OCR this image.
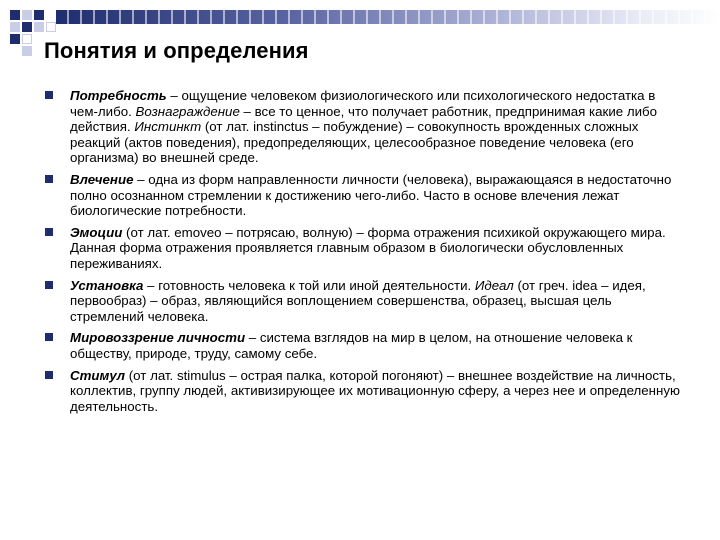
Понятия и определения
Потребность – ощущение человеком физиологического или психологического недостатка в чем-либо. Вознаграждение – все то ценное, что получает работник, предпринимая какие либо действия. Инстинкт (от лат. instinctus – побуждение) – совокупность врожденных сложных реакций (актов поведения), предопределяющих, целесообразное поведение человека (его организма) во внешней среде.
Влечение – одна из форм направленности личности (человека), выражающаяся в недостаточно полно осознанном стремлении к достижению чего-либо. Часто в основе влечения лежат биологические потребности.
Эмоции (от лат. emoveo – потрясаю, волную) – форма отражения психикой окружающего мира. Данная форма отражения проявляется главным образом в биологически обусловленных переживаниях.
Установка – готовность человека к той или иной деятельности. Идеал (от греч. idea – идея, первообраз) – образ, являющийся воплощением совершенства, образец, высшая цель стремлений человека.
Мировоззрение личности – система взглядов на мир в целом, на отношение человека к обществу, природе, труду, самому себе.
Стимул (от лат. stimulus – острая палка, которой погоняют) – внешнее воздействие на личность, коллектив, группу людей, активизирующее их мотивационную сферу, а через нее и определенную деятельность.
